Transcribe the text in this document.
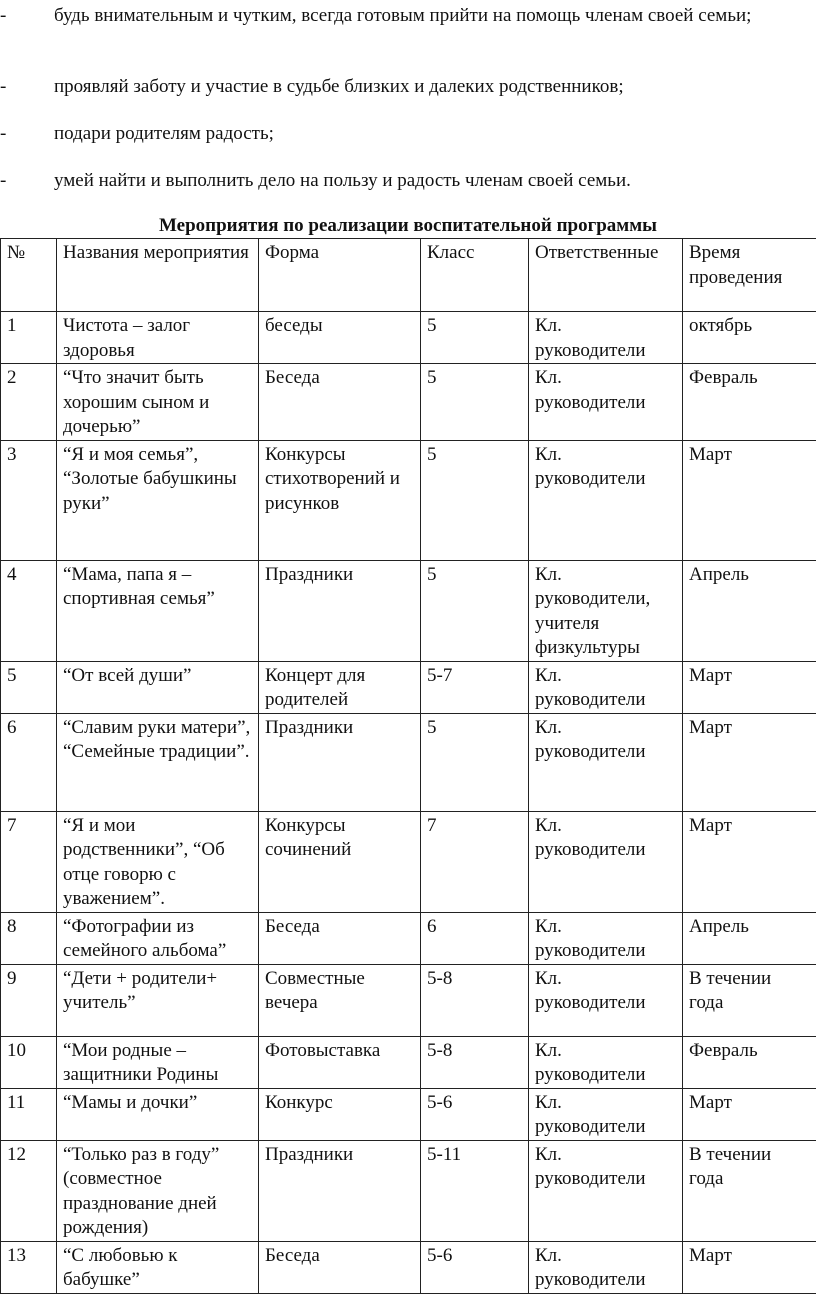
-	будь внимательным и чутким, всегда готовым прийти на помощь членам своей семьи;
-	проявляй заботу и участие в судьбе близких и далеких родственников;
-	подари родителям радость;
-	умей найти и выполнить дело на пользу и радость членам своей семьи.
Мероприятия по реализации воспитательной программы
№	Названия мероприятия	Форма	Класс	Ответственные	Время проведения
1	Чистота – залог здоровья	беседы	5	Кл. руководители	октябрь
2	“Что значит быть хорошим сыном и дочерью”	Беседа	5	Кл. руководители	Февраль
3	“Я и моя семья”, “Золотые бабушкины руки”	Конкурсы стихотворений и рисунков	5	Кл. руководители	Март
4	“Мама, папа я – спортивная семья”	Праздники	5	Кл. руководители, учителя физкультуры	Апрель
5	“От всей души”	Концерт для родителей	5-7	Кл. руководители	Март
6	“Славим руки матери”, “Семейные традиции”.	Праздники	5	Кл. руководители	Март
7	“Я и мои родственники”, “Об отце говорю с уважением”.	Конкурсы сочинений	7	Кл. руководители	Март
8	“Фотографии из семейного альбома”	Беседа	6	Кл. руководители	Апрель
9	“Дети + родители+ учитель”	Совместные вечера	5-8	Кл. руководители	В течении года
10	“Мои родные – защитники Родины	Фотовыставка	5-8	Кл. руководители	Февраль
11	“Мамы и дочки”	Конкурс	5-6	Кл. руководители	Март
12	“Только раз в году” (совместное празднование дней рождения)	Праздники	5-11	Кл. руководители	В течении года
13	“С любовью к бабушке”	Беседа	5-6	Кл. руководители	Март
